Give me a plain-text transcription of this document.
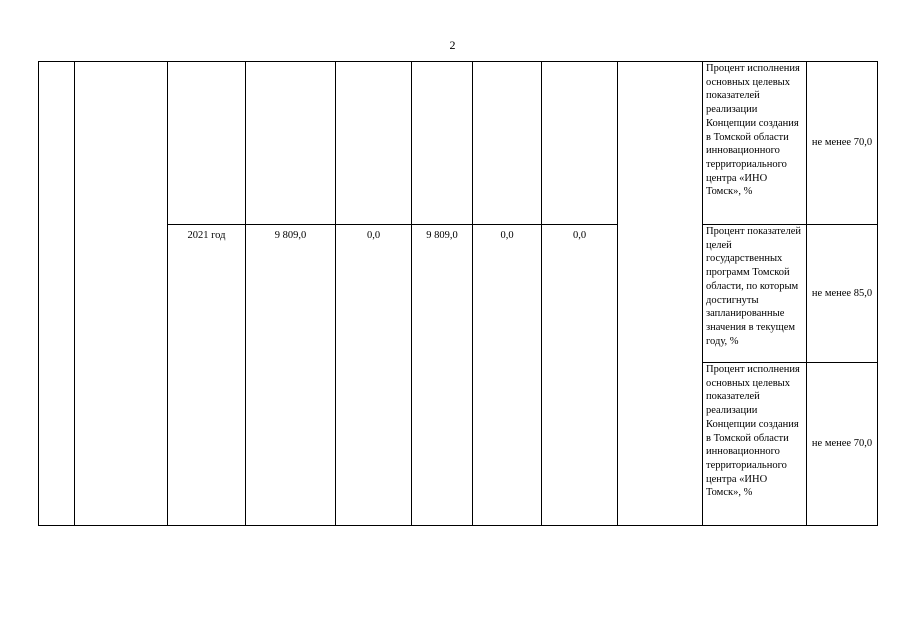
2
									Процент исполнения основных целевых показателей реализации Концепции создания в Томской области инновационного территориального центра «ИНО Томск», %	не менее 70,0
		2021 год	9 809,0	0,0	9 809,0	0,0	0,0		Процент показателей целей государственных программ Томской области, по которым достигнуты запланированные значения в текущем году, %	не менее 85,0
									Процент исполнения основных целевых показателей реализации Концепции создания в Томской области инновационного территориального центра «ИНО Томск», %	не менее 70,0
